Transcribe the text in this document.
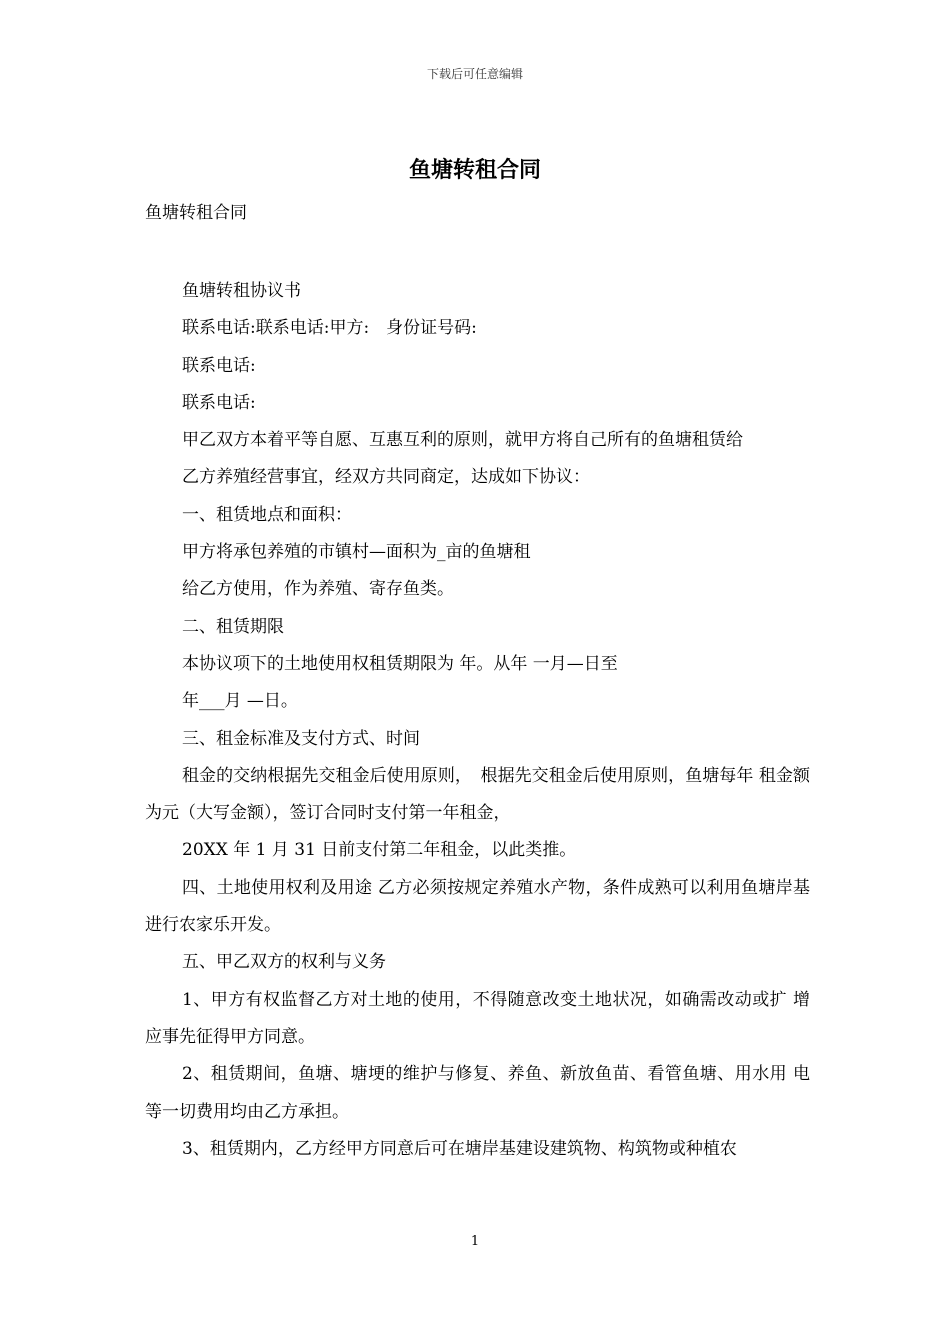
下载后可任意编辑
鱼塘转租合同
鱼塘转租合同

鱼塘转租协议书

联系电话:联系电话:甲方:　身份证号码:

联系电话:

联系电话:

甲乙双方本着平等自愿、互惠互利的原则，就甲方将自己所有的鱼塘租赁给

乙方养殖经营事宜，经双方共同商定，达成如下协议：

一、租赁地点和面积：

甲方将承包养殖的市镇村—面积为_亩的鱼塘租

给乙方使用，作为养殖、寄存鱼类。

二、租赁期限

本协议项下的土地使用权租赁期限为 年。从年 一月—日至

年___月 —日。

三、租金标准及支付方式、时间

租金的交纳根据先交租金后使用原则，　根据先交租金后使用原则，鱼塘每年 租金额为元（大写金额），签订合同时支付第一年租金，

20XX 年 1 月 31 日前支付第二年租金，以此类推。

四、土地使用权利及用途 乙方必须按规定养殖水产物，条件成熟可以利用鱼塘岸基进行农家乐开发。

五、甲乙双方的权利与义务

1、甲方有权监督乙方对土地的使用，不得随意改变土地状况，如确需改动或扩 增应事先征得甲方同意。

2、租赁期间，鱼塘、塘埂的维护与修复、养鱼、新放鱼苗、看管鱼塘、用水用 电等一切费用均由乙方承担。

3、租赁期内，乙方经甲方同意后可在塘岸基建设建筑物、构筑物或种植农

1
